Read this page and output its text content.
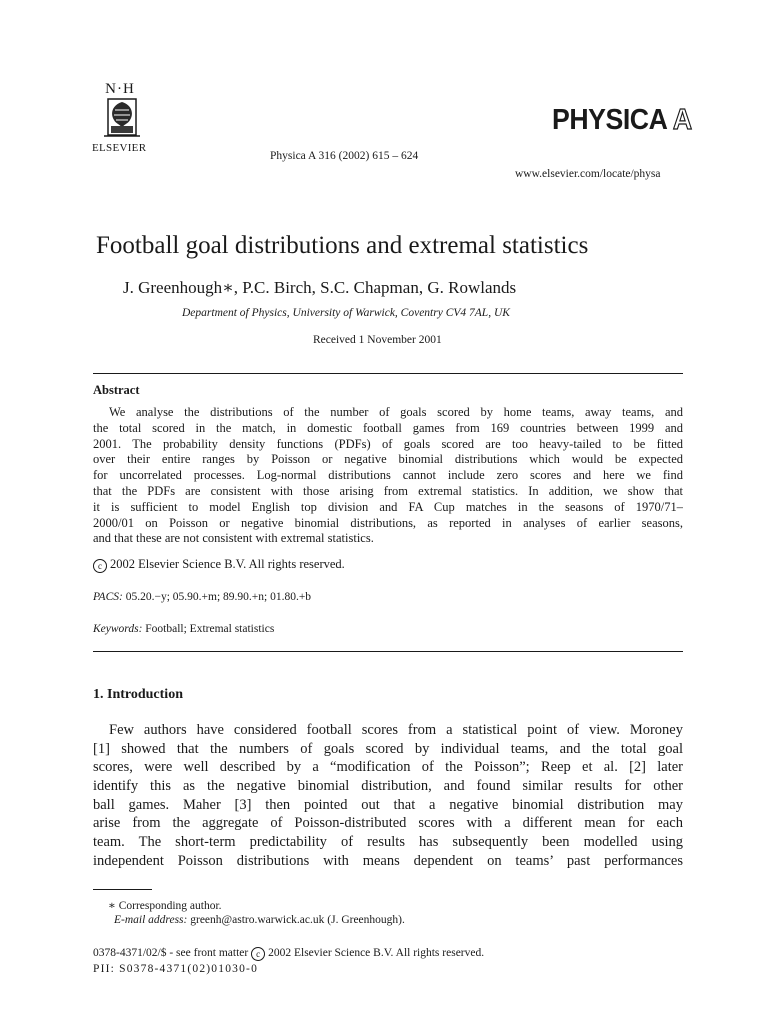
N·H
ELSEVIER
Physica A 316 (2002) 615 – 624
PHYSICA A
www.elsevier.com/locate/physa
Football goal distributions and extremal statistics
J. Greenhough∗, P.C. Birch, S.C. Chapman, G. Rowlands
Department of Physics, University of Warwick, Coventry CV4 7AL, UK
Received 1 November 2001
Abstract
We analyse the distributions of the number of goals scored by home teams, away teams, and
the total scored in the match, in domestic football games from 169 countries between 1999 and
2001. The probability density functions (PDFs) of goals scored are too heavy-tailed to be fitted
over their entire ranges by Poisson or negative binomial distributions which would be expected
for uncorrelated processes. Log-normal distributions cannot include zero scores and here we find
that the PDFs are consistent with those arising from extremal statistics. In addition, we show that
it is sufficient to model English top division and FA Cup matches in the seasons of 1970/71–
2000/01 on Poisson or negative binomial distributions, as reported in analyses of earlier seasons,
and that these are not consistent with extremal statistics.
c 2002 Elsevier Science B.V. All rights reserved.
PACS: 05.20.−y; 05.90.+m; 89.90.+n; 01.80.+b
Keywords: Football; Extremal statistics
1. Introduction
Few authors have considered football scores from a statistical point of view. Moroney
[1] showed that the numbers of goals scored by individual teams, and the total goal
scores, were well described by a “modification of the Poisson”; Reep et al. [2] later
identify this as the negative binomial distribution, and found similar results for other
ball games. Maher [3] then pointed out that a negative binomial distribution may
arise from the aggregate of Poisson-distributed scores with a different mean for each
team. The short-term predictability of results has subsequently been modelled using
independent Poisson distributions with means dependent on teams’ past performances
∗ Corresponding author.
E-mail address: greenh@astro.warwick.ac.uk (J. Greenhough).
0378-4371/02/$ - see front matter c 2002 Elsevier Science B.V. All rights reserved.
PII: S0378-4371(02)01030-0
